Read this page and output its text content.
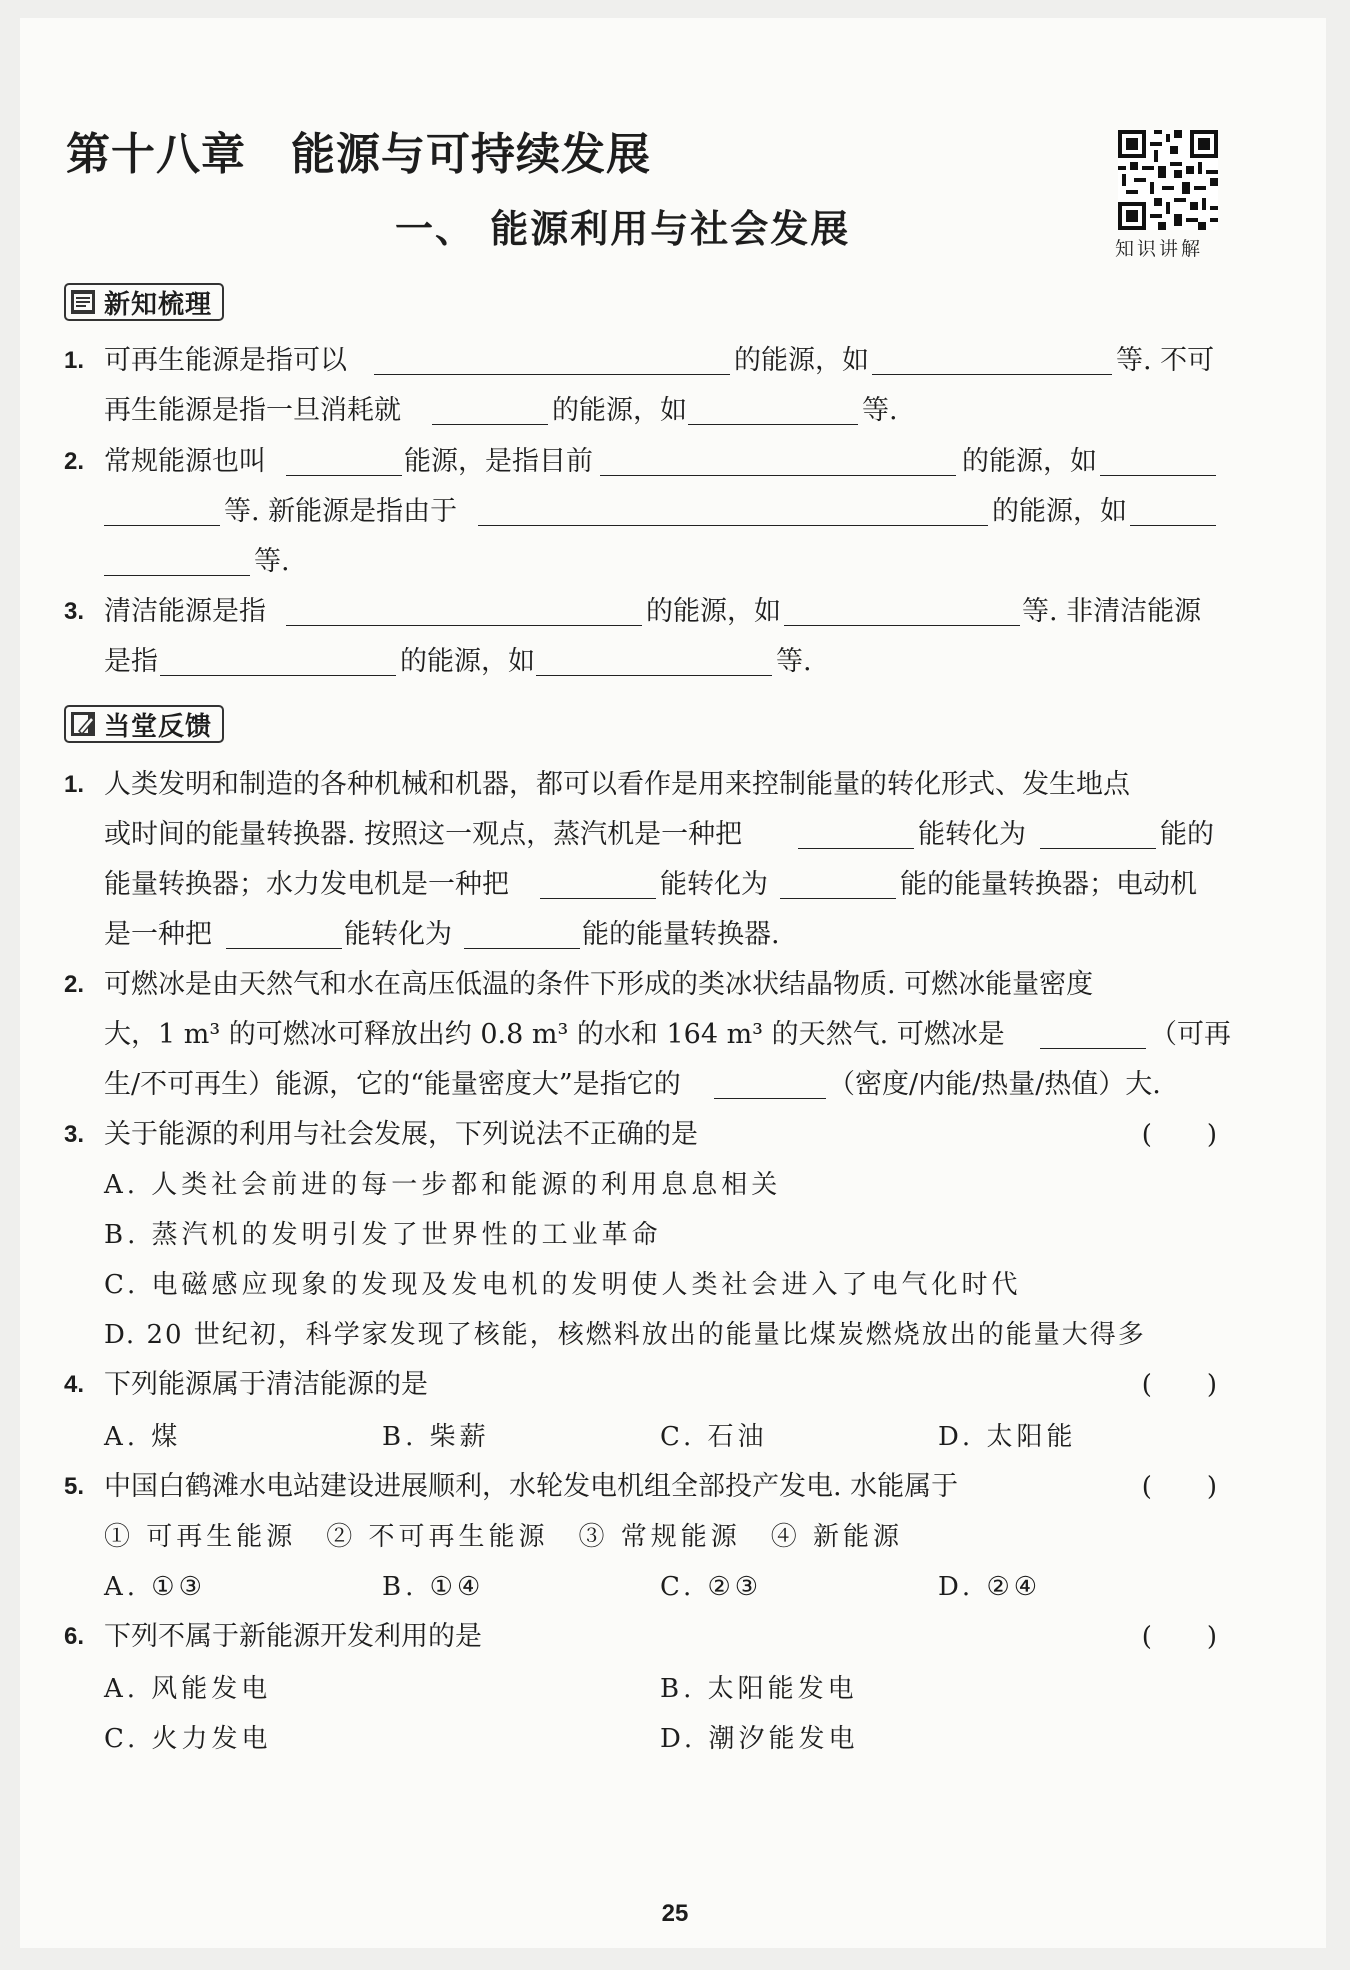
第十八章　能源与可持续发展
一、 能源利用与社会发展	知识讲解
新知梳理
1. 可再生能源是指可以	的能源，如	等. 不可
再生能源是指一旦消耗就	的能源，如	等.
2. 常规能源也叫	能源，是指目前	的能源，如
等. 新能源是指由于	的能源，如
等.
3. 清洁能源是指	的能源，如	等. 非清洁能源
是指	的能源，如	等.
当堂反馈
1. 人类发明和制造的各种机械和机器，都可以看作是用来控制能量的转化形式、发生地点
或时间的能量转换器. 按照这一观点，蒸汽机是一种把	能转化为	能的
能量转换器；水力发电机是一种把	能转化为	能的能量转换器；电动机
是一种把	能转化为	能的能量转换器.
2. 可燃冰是由天然气和水在高压低温的条件下形成的类冰状结晶物质. 可燃冰能量密度
大，1 m³ 的可燃冰可释放出约 0.8 m³ 的水和 164 m³ 的天然气. 可燃冰是	（可再
生/不可再生）能源，它的“能量密度大”是指它的	（密度/内能/热量/热值）大.
3. 关于能源的利用与社会发展，下列说法不正确的是	(　　)
A. 人类社会前进的每一步都和能源的利用息息相关
B. 蒸汽机的发明引发了世界性的工业革命
C. 电磁感应现象的发现及发电机的发明使人类社会进入了电气化时代
D. 20 世纪初，科学家发现了核能，核燃料放出的能量比煤炭燃烧放出的能量大得多
4. 下列能源属于清洁能源的是	(　　)
A. 煤	B. 柴薪	C. 石油	D. 太阳能
5. 中国白鹤滩水电站建设进展顺利，水轮发电机组全部投产发电. 水能属于	(　　)
① 可再生能源　② 不可再生能源　③ 常规能源　④ 新能源
A. ①③	B. ①④	C. ②③	D. ②④
6. 下列不属于新能源开发利用的是	(　　)
A. 风能发电	B. 太阳能发电
C. 火力发电	D. 潮汐能发电
25
